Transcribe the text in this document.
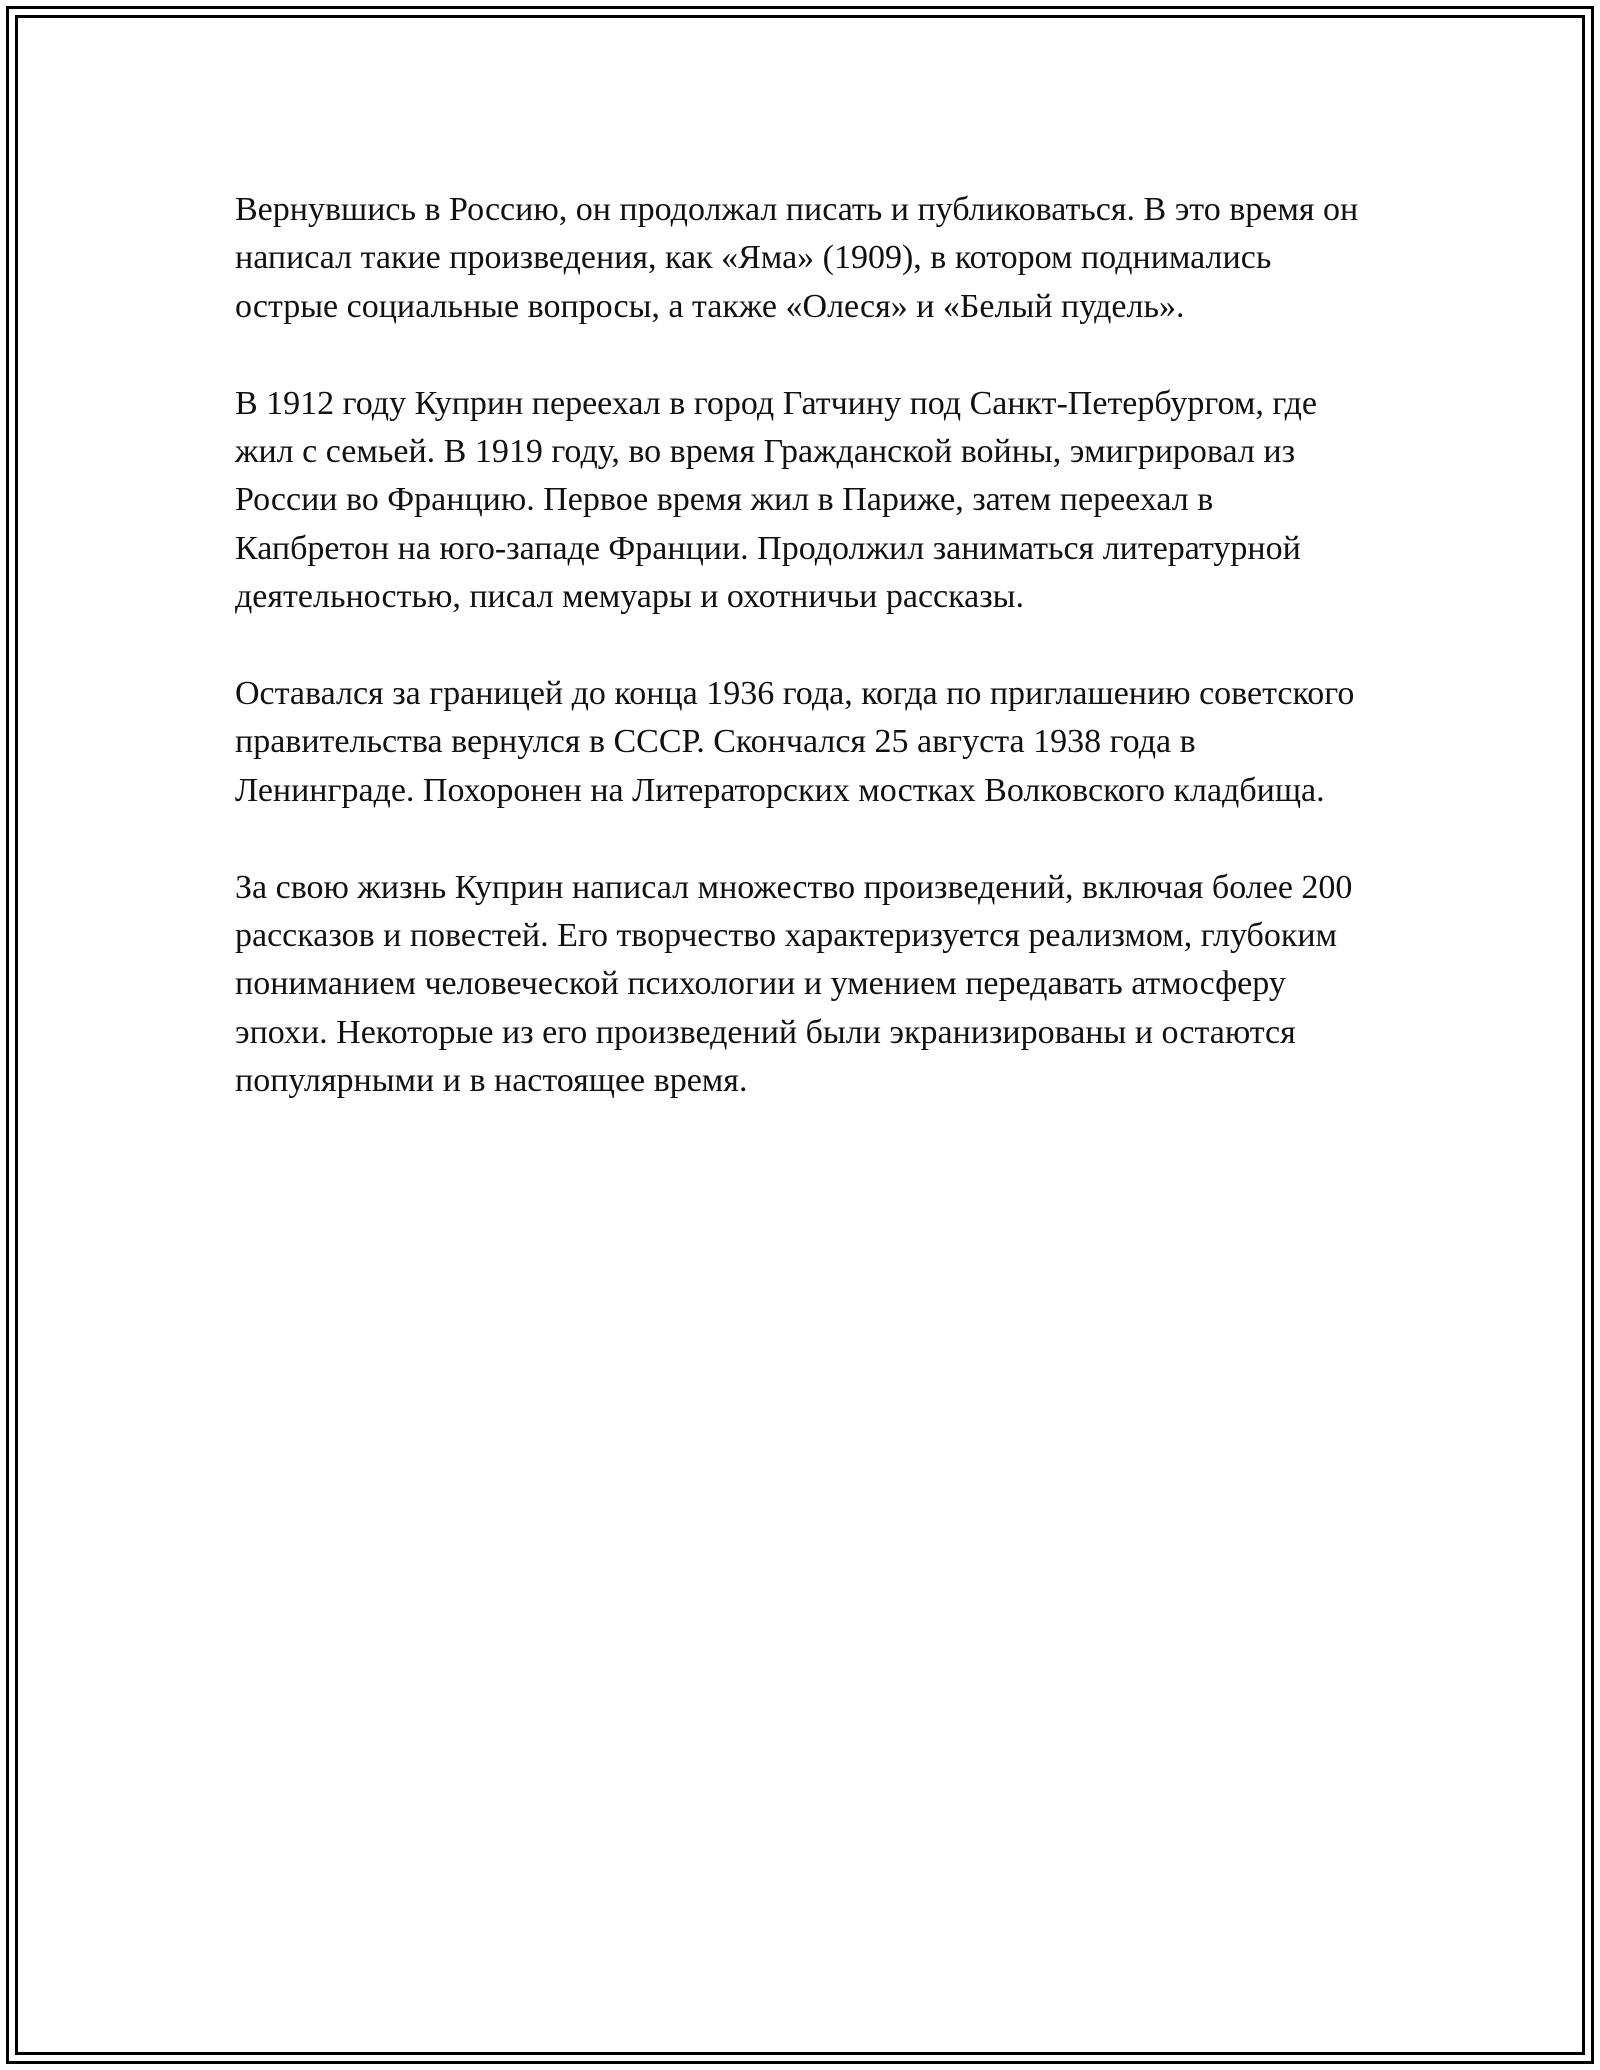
Вернувшись в Россию, он продолжал писать и публиковаться. В это время он написал такие произведения, как «Яма» (1909), в котором поднимались острые социальные вопросы, а также «Олеся» и «Белый пудель».

В 1912 году Куприн переехал в город Гатчину под Санкт-Петербургом, где жил с семьей. В 1919 году, во время Гражданской войны, эмигрировал из России во Францию. Первое время жил в Париже, затем переехал в Капбретон на юго-западе Франции. Продолжил заниматься литературной деятельностью, писал мемуары и охотничьи рассказы.

Оставался за границей до конца 1936 года, когда по приглашению советского правительства вернулся в СССР. Скончался 25 августа 1938 года в Ленинграде. Похоронен на Литераторских мостках Волковского кладбища.

За свою жизнь Куприн написал множество произведений, включая более 200 рассказов и повестей. Его творчество характеризуется реализмом, глубоким пониманием человеческой психологии и умением передавать атмосферу эпохи. Некоторые из его произведений были экранизированы и остаются популярными и в настоящее время.
